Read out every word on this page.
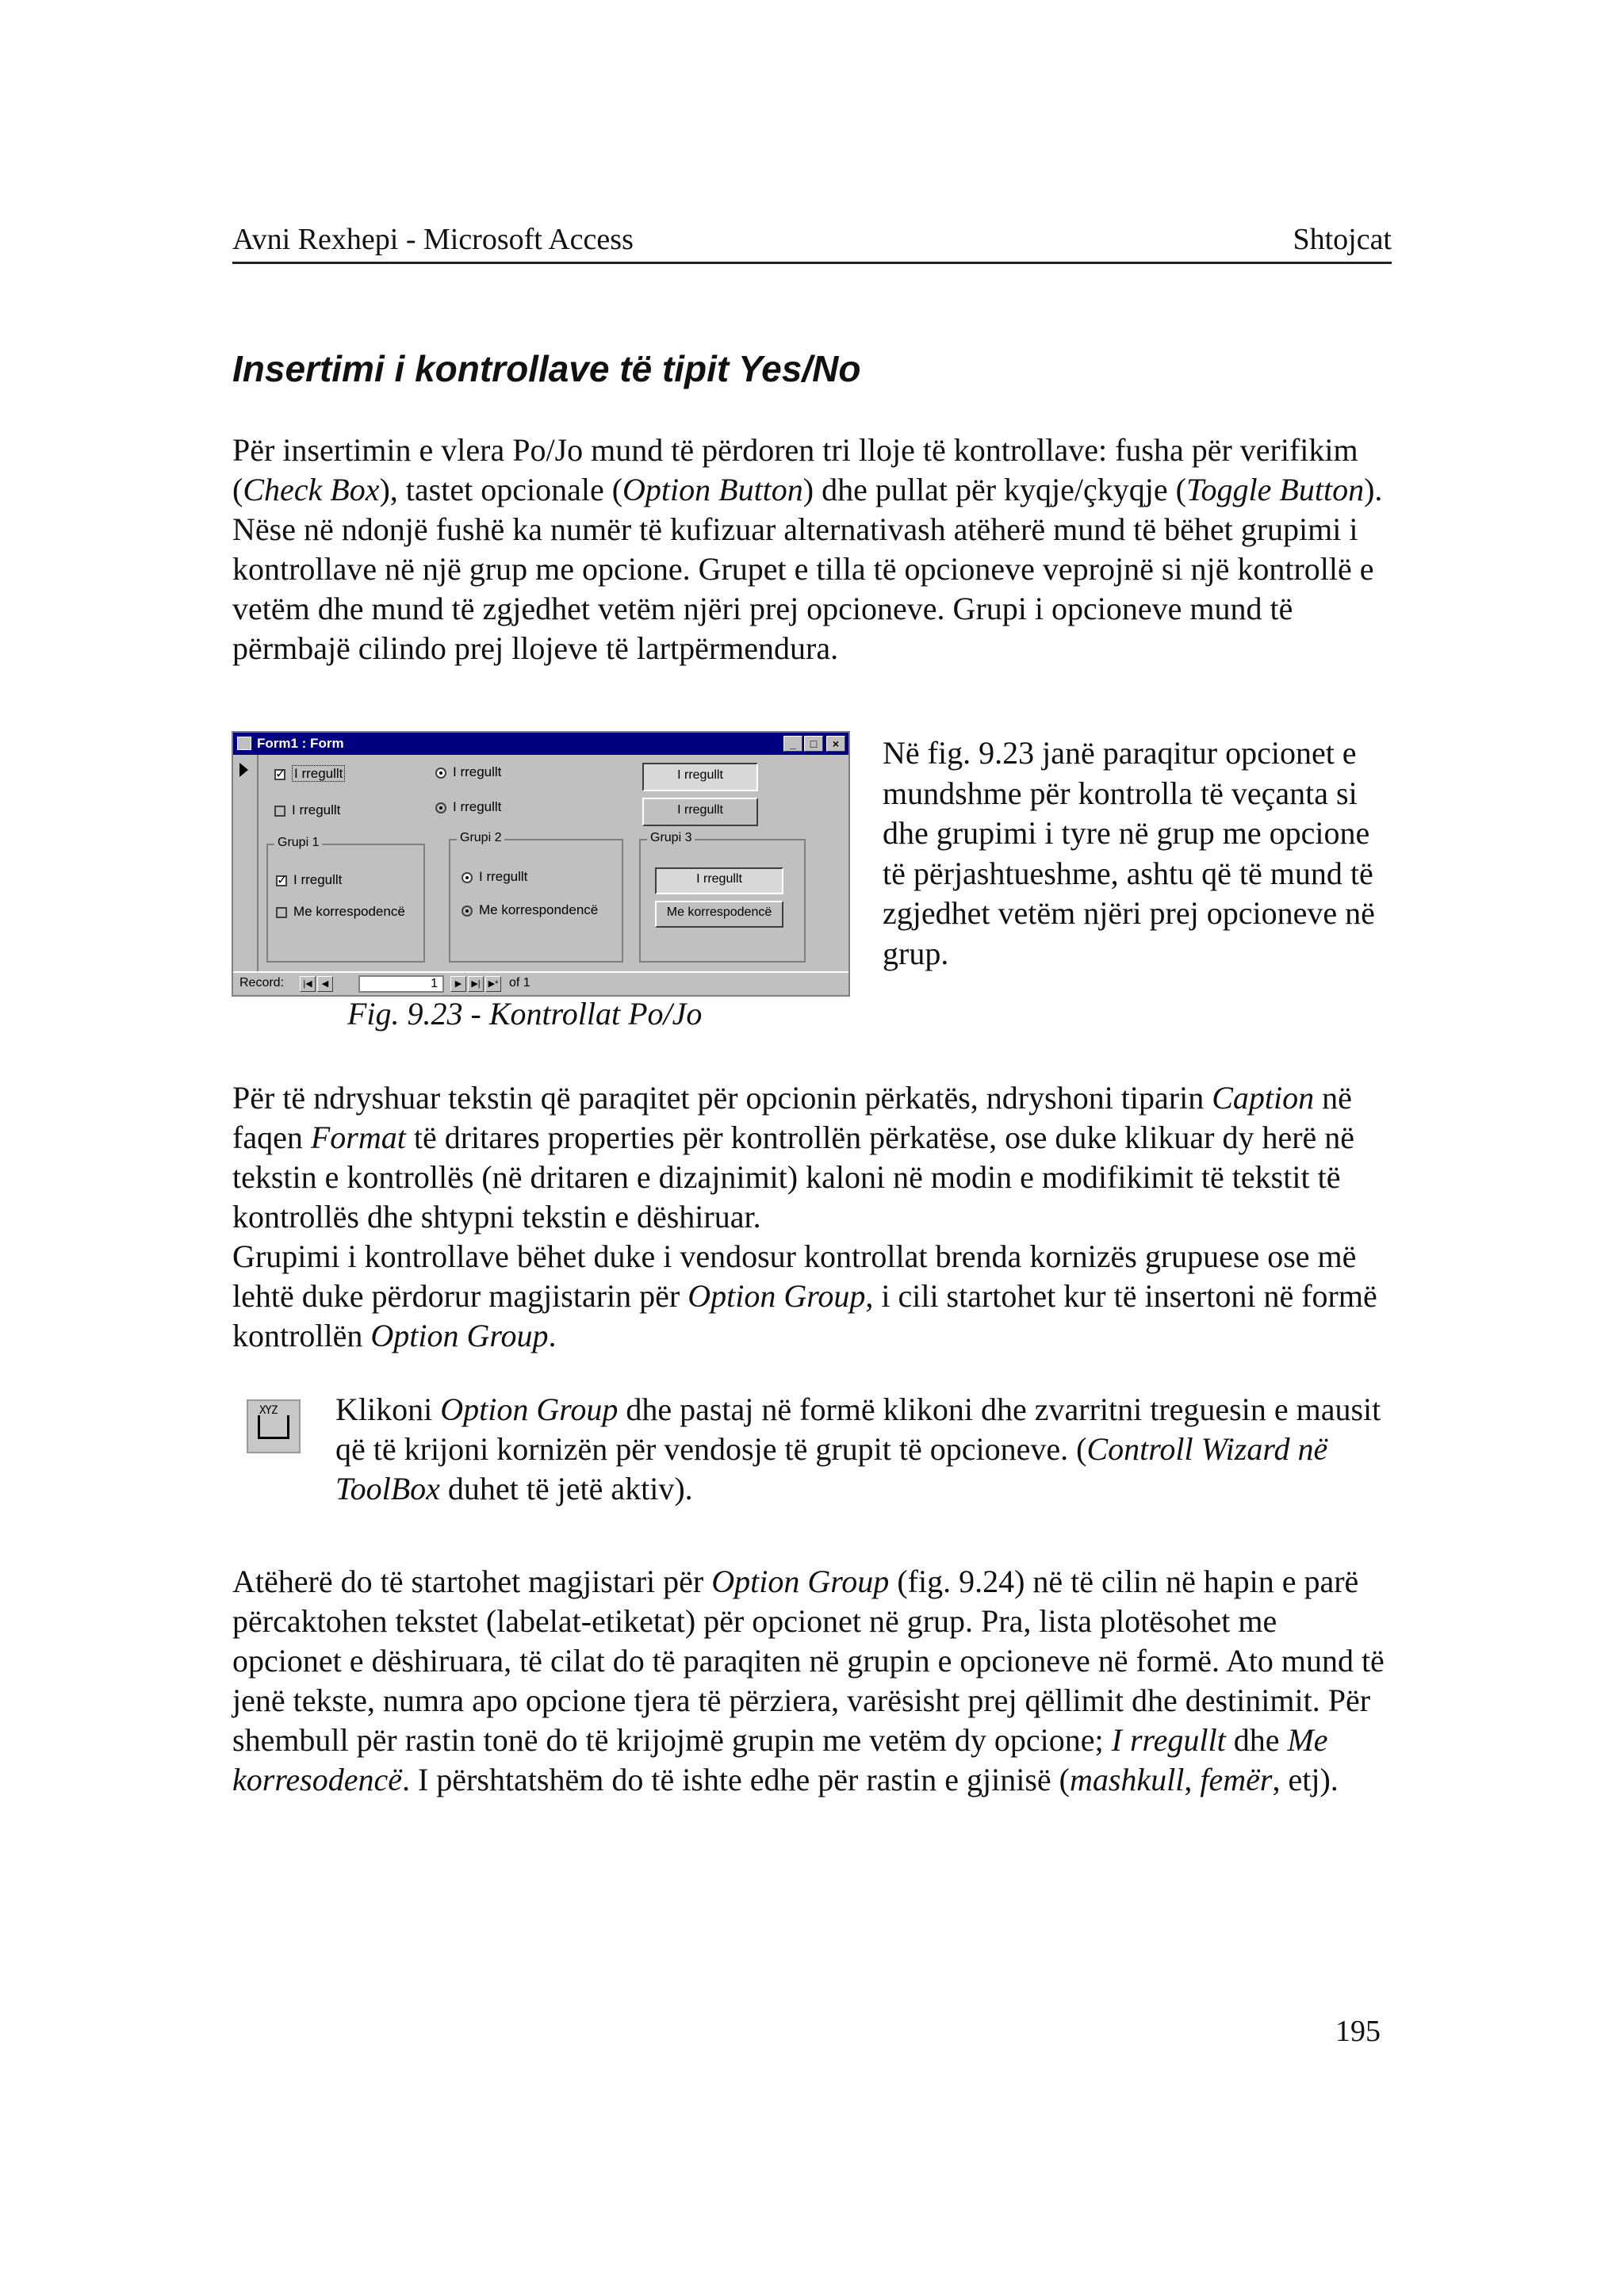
Avni Rexhepi - Microsoft Access	Shtojcat
Insertimi i kontrollave të tipit Yes/No

Për insertimin e vlera Po/Jo mund të përdoren tri lloje të kontrollave: fusha për verifikim (Check Box), tastet opcionale (Option Button) dhe pullat për kyqje/çkyqje (Toggle Button). Nëse në ndonjë fushë ka numër të kufizuar alternativash atëherë mund të bëhet grupimi i kontrollave në një grup me opcione. Grupet e tilla të opcioneve veprojnë si një kontrollë e vetëm dhe mund të zgjedhet vetëm njëri prej opcioneve. Grupi i opcioneve mund të përmbajë cilindo prej llojeve të lartpërmendura.

Form1 : Form	_	□	×
✓I rregullt
I rregullt
I rregullt
I rregullt
I rregullt
I rregullt
Grupi 1
✓I rregullt
Me korrespodencë
Grupi 2
I rregullt
Me korrespondencë
Grupi 3
I rregullt
Me korrespodencë
Record:	|◀	◀	1	▶	▶| ▶* of 1
Fig. 9.23 - Kontrollat Po/Jo
Në fig. 9.23 janë paraqitur opcionet e mundshme për kontrolla të veçanta si dhe grupimi i tyre në grup me opcione të përjashtueshme, ashtu që të mund të zgjedhet vetëm njëri prej opcioneve në grup.

Për të ndryshuar tekstin që paraqitet për opcionin përkatës, ndryshoni tiparin Caption në faqen Format të dritares properties për kontrollën përkatëse, ose duke klikuar dy herë në tekstin e kontrollës (në dritaren e dizajnimit) kaloni në modin e modifikimit të tekstit të kontrollës dhe shtypni tekstin e dëshiruar.

Grupimi i kontrollave bëhet duke i vendosur kontrollat brenda kornizës grupuese ose më lehtë duke përdorur magjistarin për Option Group, i cili startohet kur të insertoni në formë kontrollën Option Group.

XYZ Klikoni Option Group dhe pastaj në formë klikoni dhe zvarritni treguesin e mausit që të krijoni kornizën për vendosje të grupit të opcioneve. (Controll Wizard në ToolBox duhet të jetë aktiv).

Atëherë do të startohet magjistari për Option Group (fig. 9.24) në të cilin në hapin e parë përcaktohen tekstet (labelat-etiketat) për opcionet në grup. Pra, lista plotësohet me opcionet e dëshiruara, të cilat do të paraqiten në grupin e opcioneve në formë. Ato mund të jenë tekste, numra apo opcione tjera të përziera, varësisht prej qëllimit dhe destinimit. Për shembull për rastin tonë do të krijojmë grupin me vetëm dy opcione; I rregullt dhe Me korresodencë. I përshtatshëm do të ishte edhe për rastin e gjinisë (mashkull, femër, etj).

195
